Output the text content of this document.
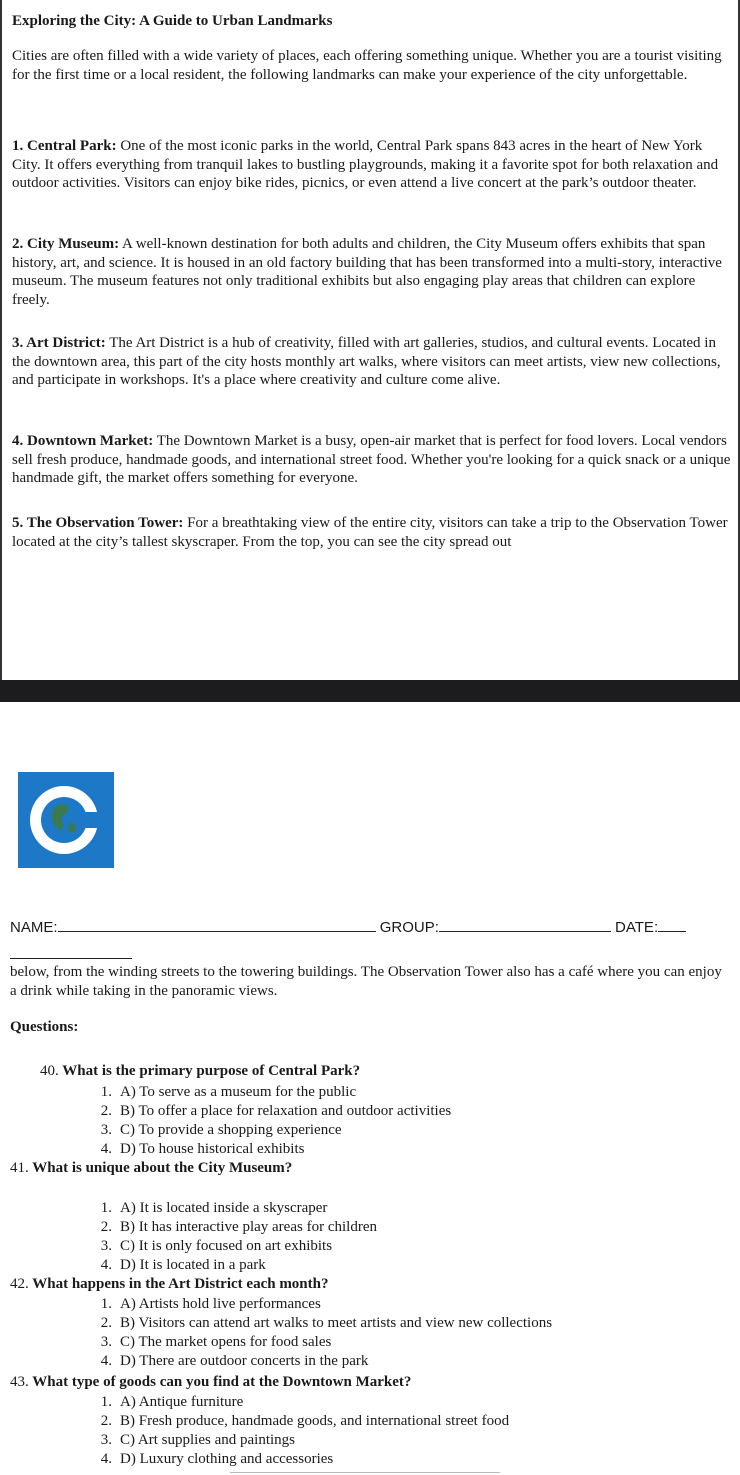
Exploring the City: A Guide to Urban Landmarks

Cities are often filled with a wide variety of places, each offering something unique. Whether you are a tourist visiting for the first time or a local resident, the following landmarks can make your experience of the city unforgettable.

1. Central Park: One of the most iconic parks in the world, Central Park spans 843 acres in the heart of New York City. It offers everything from tranquil lakes to bustling playgrounds, making it a favorite spot for both relaxation and outdoor activities. Visitors can enjoy bike rides, picnics, or even attend a live concert at the park’s outdoor theater.

2. City Museum: A well-known destination for both adults and children, the City Museum offers exhibits that span history, art, and science. It is housed in an old factory building that has been transformed into a multi-story, interactive museum. The museum features not only traditional exhibits but also engaging play areas that children can explore freely.

3. Art District: The Art District is a hub of creativity, filled with art galleries, studios, and cultural events. Located in the downtown area, this part of the city hosts monthly art walks, where visitors can meet artists, view new collections, and participate in workshops. It's a place where creativity and culture come alive.

4. Downtown Market: The Downtown Market is a busy, open-air market that is perfect for food lovers. Local vendors sell fresh produce, handmade goods, and international street food. Whether you're looking for a quick snack or a unique handmade gift, the market offers something for everyone.

5. The Observation Tower: For a breathtaking view of the entire city, visitors can take a trip to the Observation Tower located at the city’s tallest skyscraper. From the top, you can see the city spread out

NAME:	GROUP:	DATE:

below, from the winding streets to the towering buildings. The Observation Tower also has a café where you can enjoy a drink while taking in the panoramic views.

Questions:
40. What is the primary purpose of Central Park?
1. A) To serve as a museum for the public
2. B) To offer a place for relaxation and outdoor activities
3. C) To provide a shopping experience
4. D) To house historical exhibits
41. What is unique about the City Museum?
1. A) It is located inside a skyscraper
2. B) It has interactive play areas for children
3. C) It is only focused on art exhibits
4. D) It is located in a park
42. What happens in the Art District each month?
1. A) Artists hold live performances
2. B) Visitors can attend art walks to meet artists and view new collections
3. C) The market opens for food sales
4. D) There are outdoor concerts in the park
43. What type of goods can you find at the Downtown Market?
1. A) Antique furniture
2. B) Fresh produce, handmade goods, and international street food
3. C) Art supplies and paintings
4. D) Luxury clothing and accessories
